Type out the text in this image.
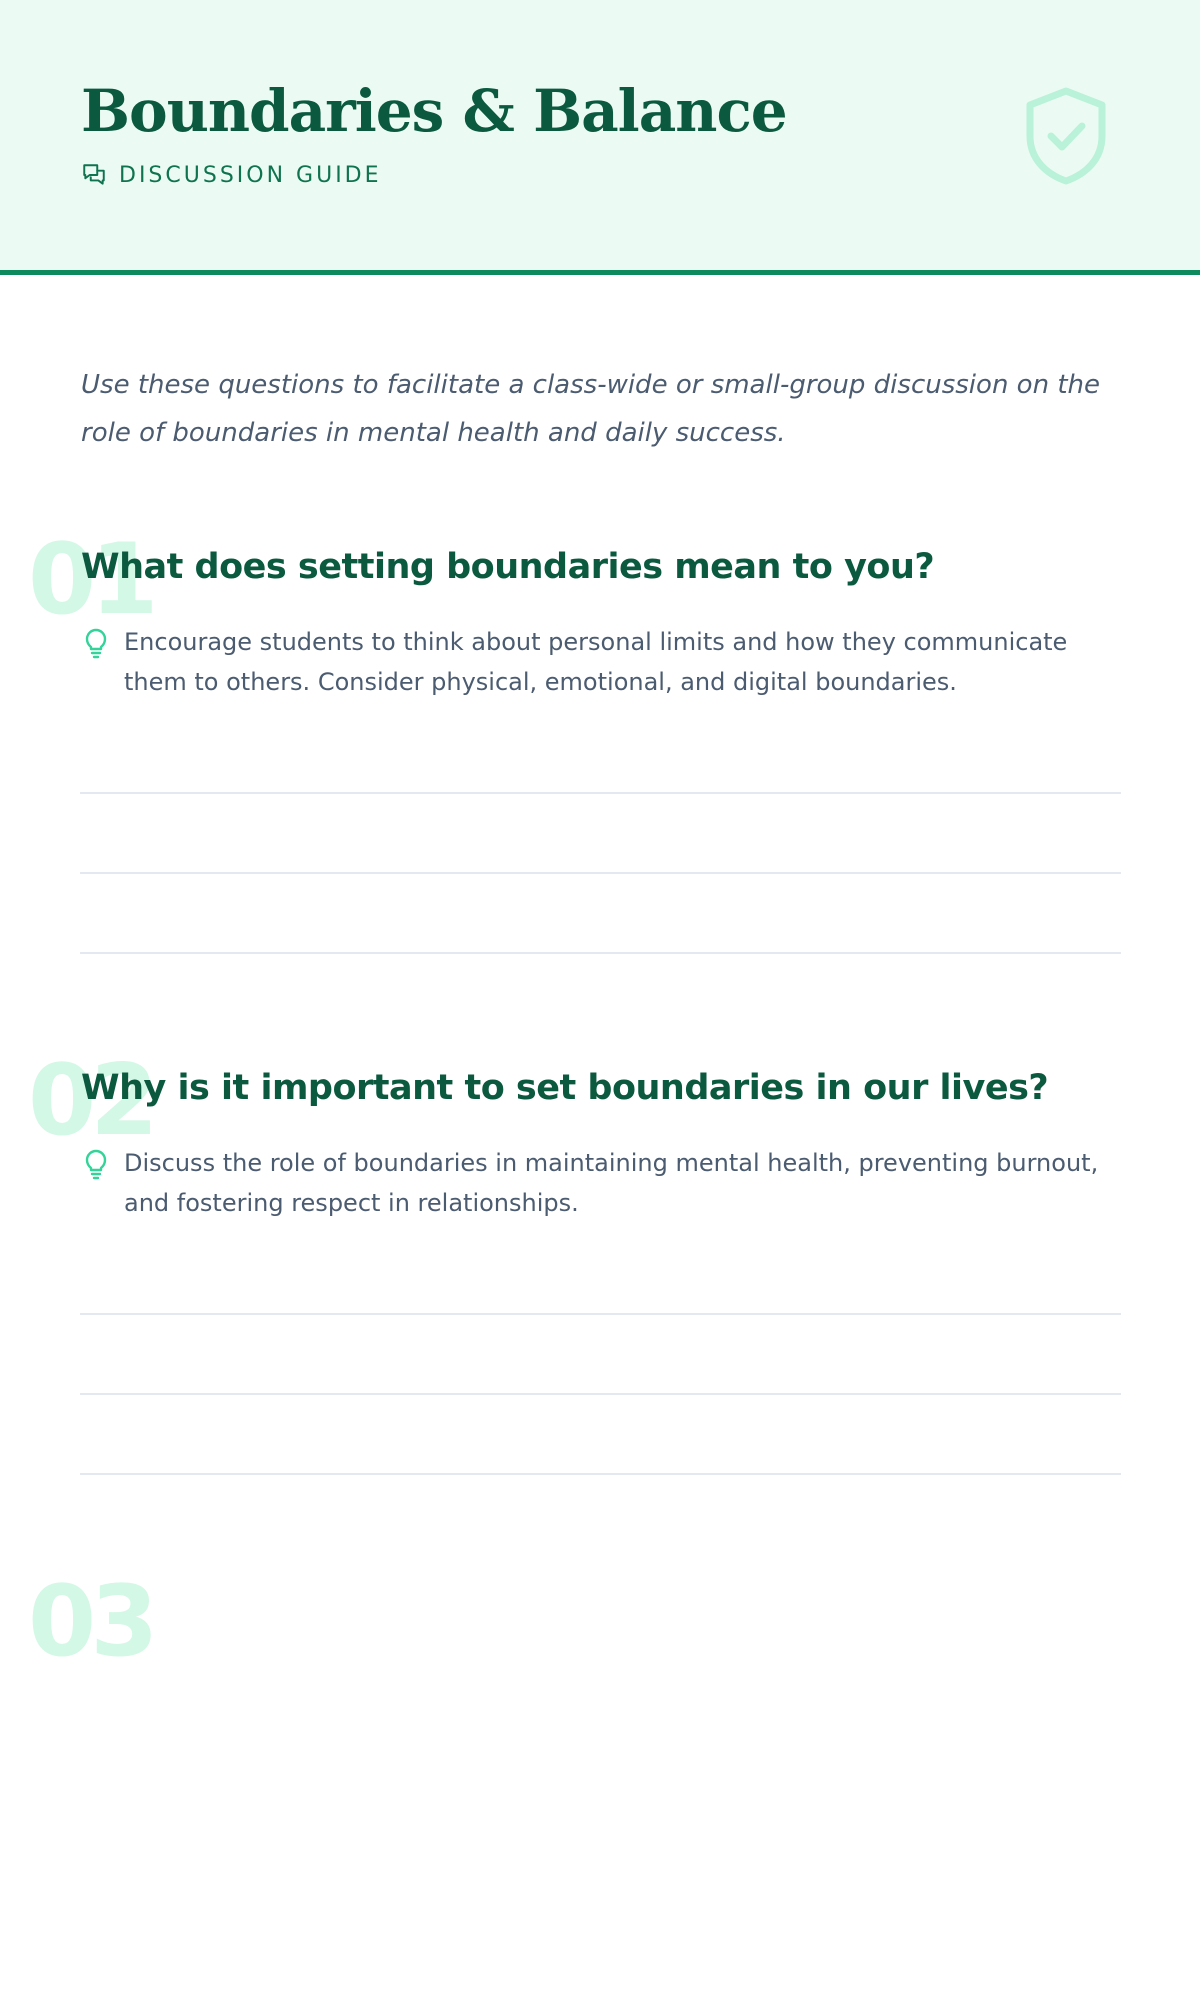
Boundaries & Balance
DISCUSSION GUIDE

Use these questions to facilitate a class-wide or small-group discussion on the role of boundaries in mental health and daily success.

01
What does setting boundaries mean to you?

Encourage students to think about personal limits and how they communicate them to others. Consider physical, emotional, and digital boundaries.

02
Why is it important to set boundaries in our lives?

Discuss the role of boundaries in maintaining mental health, preventing burnout, and fostering respect in relationships.

03
